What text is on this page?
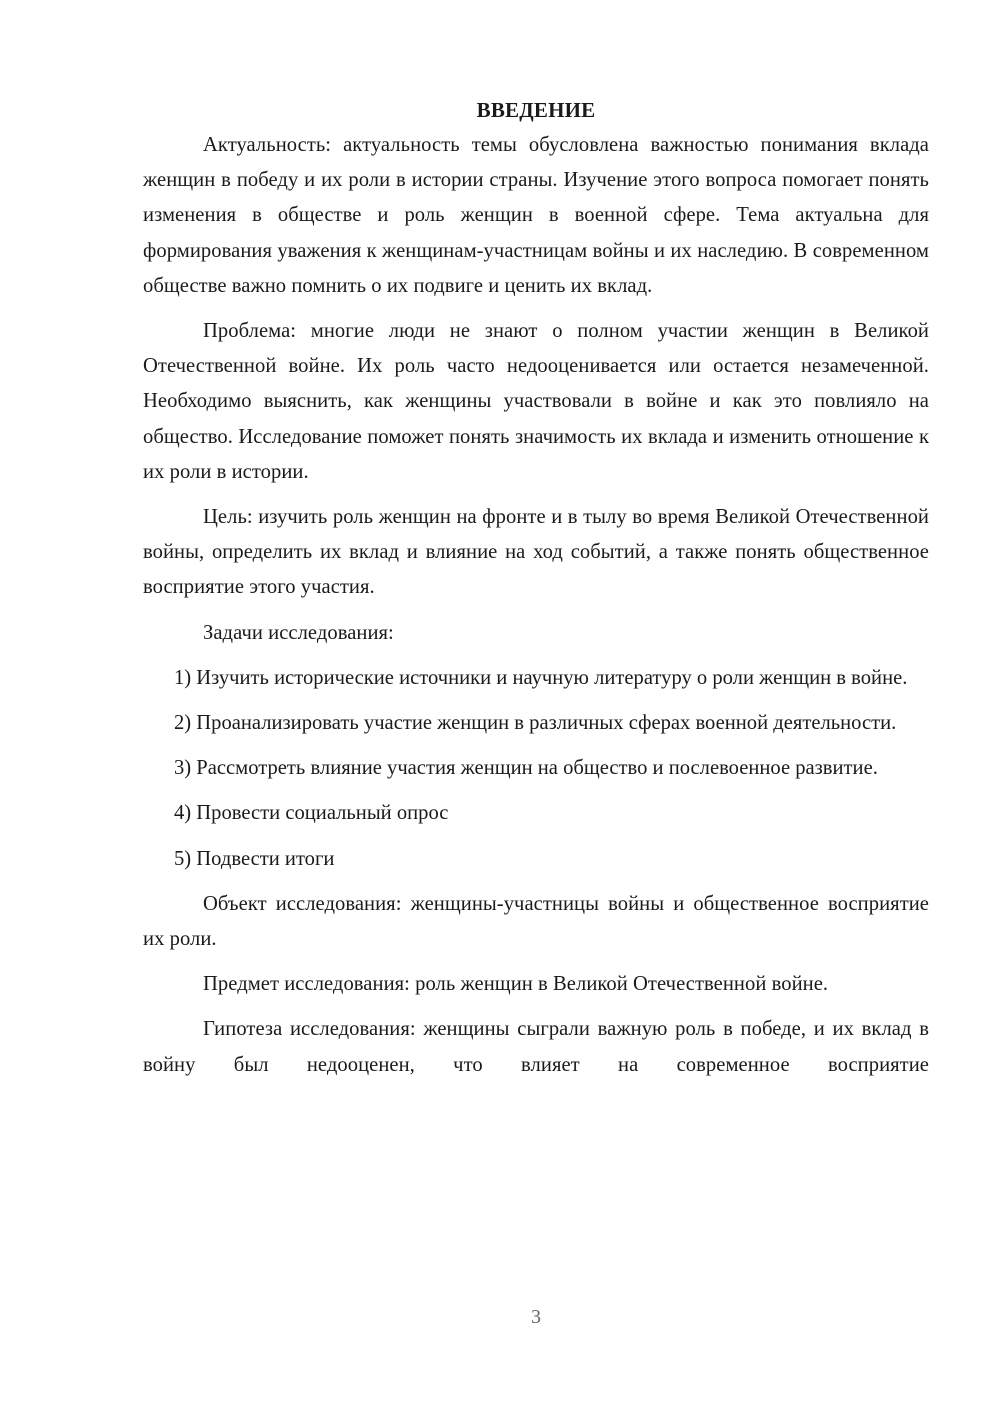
ВВЕДЕНИЕ

Актуальность: актуальность темы обусловлена важностью понимания вклада женщин в победу и их роли в истории страны. Изучение этого вопроса помогает понять изменения в обществе и роль женщин в военной сфере. Тема актуальна для формирования уважения к женщинам-участницам войны и их наследию. В современном обществе важно помнить о их подвиге и ценить их вклад.

Проблема: многие люди не знают о полном участии женщин в Великой Отечественной войне. Их роль часто недооценивается или остается незамеченной. Необходимо выяснить, как женщины участвовали в войне и как это повлияло на общество. Исследование поможет понять значимость их вклада и изменить отношение к их роли в истории.

Цель: изучить роль женщин на фронте и в тылу во время Великой Отечественной войны, определить их вклад и влияние на ход событий, а также понять общественное восприятие этого участия.

Задачи исследования:

1) Изучить исторические источники и научную литературу о роли женщин в войне.

2) Проанализировать участие женщин в различных сферах военной деятельности.

3) Рассмотреть влияние участия женщин на общество и послевоенное развитие.

4) Провести социальный опрос

5) Подвести итоги

Объект исследования: женщины-участницы войны и общественное восприятие их роли.

Предмет исследования: роль женщин в Великой Отечественной войне.

Гипотеза исследования: женщины сыграли важную роль в победе, и их вклад в войну был недооценен, что влияет на современное восприятие

3
